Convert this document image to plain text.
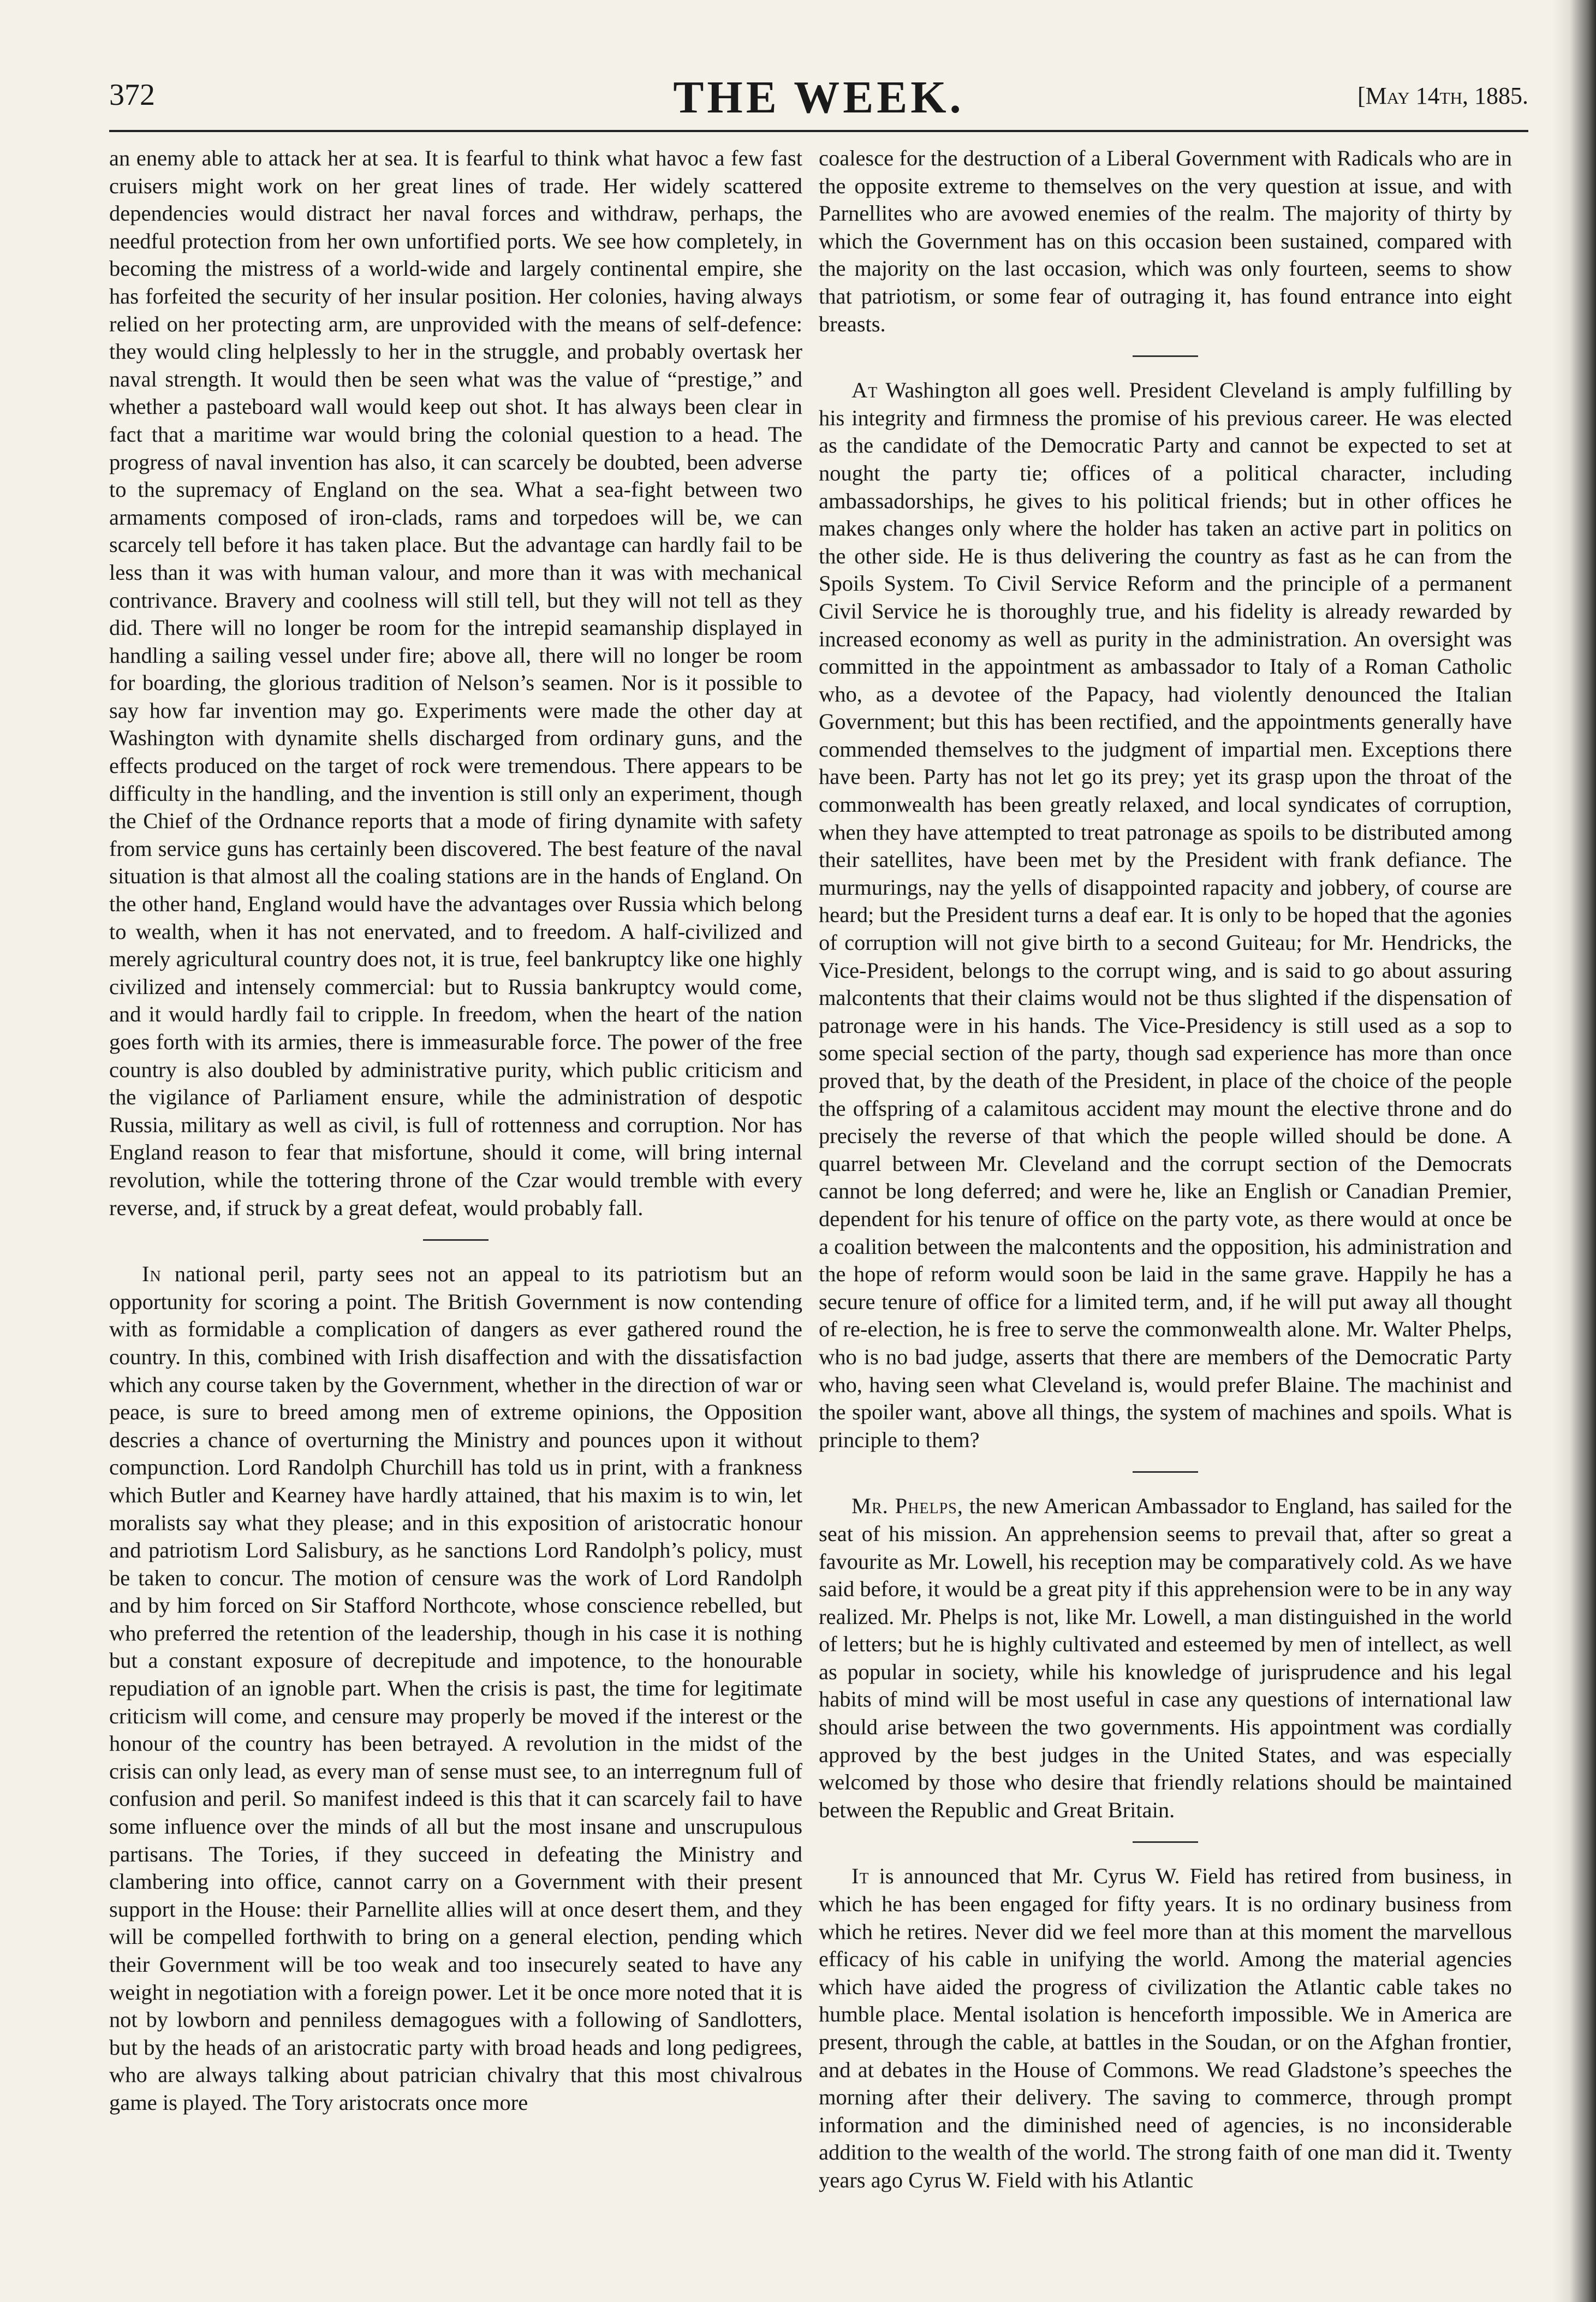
372	THE WEEK.	[May 14th, 1885.

an enemy able to attack her at sea. It is fearful to think what havoc a few fast cruisers might work on her great lines of trade. Her widely scattered dependencies would distract her naval forces and withdraw, perhaps, the needful protection from her own unfortified ports. We see how completely, in becoming the mistress of a world-wide and largely continental empire, she has forfeited the security of her insular position. Her colonies, having always relied on her protecting arm, are unprovided with the means of self-defence: they would cling helplessly to her in the struggle, and probably overtask her naval strength. It would then be seen what was the value of “prestige,” and whether a pasteboard wall would keep out shot. It has always been clear in fact that a maritime war would bring the colonial question to a head. The progress of naval invention has also, it can scarcely be doubted, been adverse to the supremacy of England on the sea. What a sea-fight between two armaments composed of iron-clads, rams and torpedoes will be, we can scarcely tell before it has taken place. But the advantage can hardly fail to be less than it was with human valour, and more than it was with mechanical contrivance. Bravery and coolness will still tell, but they will not tell as they did. There will no longer be room for the intrepid seamanship displayed in handling a sailing vessel under fire; above all, there will no longer be room for boarding, the glorious tradition of Nelson’s seamen. Nor is it possible to say how far invention may go. Experiments were made the other day at Washington with dynamite shells discharged from ordinary guns, and the effects produced on the target of rock were tremendous. There appears to be difficulty in the handling, and the invention is still only an experiment, though the Chief of the Ordnance reports that a mode of firing dynamite with safety from service guns has certainly been discovered. The best feature of the naval situation is that almost all the coaling stations are in the hands of England. On the other hand, England would have the advantages over Russia which belong to wealth, when it has not enervated, and to freedom. A half-civilized and merely agricultural country does not, it is true, feel bankruptcy like one highly civilized and intensely commercial: but to Russia bankruptcy would come, and it would hardly fail to cripple. In freedom, when the heart of the nation goes forth with its armies, there is immeasurable force. The power of the free country is also doubled by administrative purity, which public criticism and the vigilance of Parliament ensure, while the administration of despotic Russia, military as well as civil, is full of rottenness and corruption. Nor has England reason to fear that misfortune, should it come, will bring internal revolution, while the tottering throne of the Czar would tremble with every reverse, and, if struck by a great defeat, would probably fall.

In national peril, party sees not an appeal to its patriotism but an opportunity for scoring a point. The British Government is now contending with as formidable a complication of dangers as ever gathered round the country. In this, combined with Irish disaffection and with the dissatisfaction which any course taken by the Government, whether in the direction of war or peace, is sure to breed among men of extreme opinions, the Opposition descries a chance of overturning the Ministry and pounces upon it without compunction. Lord Randolph Churchill has told us in print, with a frankness which Butler and Kearney have hardly attained, that his maxim is to win, let moralists say what they please; and in this exposition of aristocratic honour and patriotism Lord Salisbury, as he sanctions Lord Randolph’s policy, must be taken to concur. The motion of censure was the work of Lord Randolph and by him forced on Sir Stafford Northcote, whose conscience rebelled, but who preferred the retention of the leadership, though in his case it is nothing but a constant exposure of decrepitude and impotence, to the honourable repudiation of an ignoble part. When the crisis is past, the time for legitimate criticism will come, and censure may properly be moved if the interest or the honour of the country has been betrayed. A revolution in the midst of the crisis can only lead, as every man of sense must see, to an interregnum full of confusion and peril. So manifest indeed is this that it can scarcely fail to have some influence over the minds of all but the most insane and unscrupulous partisans. The Tories, if they succeed in defeating the Ministry and clambering into office, cannot carry on a Government with their present support in the House: their Parnellite allies will at once desert them, and they will be compelled forthwith to bring on a general election, pending which their Government will be too weak and too insecurely seated to have any weight in negotiation with a foreign power. Let it be once more noted that it is not by lowborn and penniless demagogues with a following of Sandlotters, but by the heads of an aristocratic party with broad heads and long pedigrees, who are always talking about patrician chivalry that this most chivalrous game is played. The Tory aristocrats once more

coalesce for the destruction of a Liberal Government with Radicals who are in the opposite extreme to themselves on the very question at issue, and with Parnellites who are avowed enemies of the realm. The majority of thirty by which the Government has on this occasion been sustained, compared with the majority on the last occasion, which was only fourteen, seems to show that patriotism, or some fear of outraging it, has found entrance into eight breasts.

At Washington all goes well. President Cleveland is amply fulfilling by his integrity and firmness the promise of his previous career. He was elected as the candidate of the Democratic Party and cannot be expected to set at nought the party tie; offices of a political character, including ambassadorships, he gives to his political friends; but in other offices he makes changes only where the holder has taken an active part in politics on the other side. He is thus delivering the country as fast as he can from the Spoils System. To Civil Service Reform and the principle of a permanent Civil Service he is thoroughly true, and his fidelity is already rewarded by increased economy as well as purity in the administration. An oversight was committed in the appointment as ambassador to Italy of a Roman Catholic who, as a devotee of the Papacy, had violently denounced the Italian Government; but this has been rectified, and the appointments generally have commended themselves to the judgment of impartial men. Exceptions there have been. Party has not let go its prey; yet its grasp upon the throat of the commonwealth has been greatly relaxed, and local syndicates of corruption, when they have attempted to treat patronage as spoils to be distributed among their satellites, have been met by the President with frank defiance. The murmurings, nay the yells of disappointed rapacity and jobbery, of course are heard; but the President turns a deaf ear. It is only to be hoped that the agonies of corruption will not give birth to a second Guiteau; for Mr. Hendricks, the Vice-President, belongs to the corrupt wing, and is said to go about assuring malcontents that their claims would not be thus slighted if the dispensation of patronage were in his hands. The Vice-Presidency is still used as a sop to some special section of the party, though sad experience has more than once proved that, by the death of the President, in place of the choice of the people the offspring of a calamitous accident may mount the elective throne and do precisely the reverse of that which the people willed should be done. A quarrel between Mr. Cleveland and the corrupt section of the Democrats cannot be long deferred; and were he, like an English or Canadian Premier, dependent for his tenure of office on the party vote, as there would at once be a coalition between the malcontents and the opposition, his administration and the hope of reform would soon be laid in the same grave. Happily he has a secure tenure of office for a limited term, and, if he will put away all thought of re-election, he is free to serve the commonwealth alone. Mr. Walter Phelps, who is no bad judge, asserts that there are members of the Democratic Party who, having seen what Cleveland is, would prefer Blaine. The machinist and the spoiler want, above all things, the system of machines and spoils. What is principle to them?

Mr. Phelps, the new American Ambassador to England, has sailed for the seat of his mission. An apprehension seems to prevail that, after so great a favourite as Mr. Lowell, his reception may be comparatively cold. As we have said before, it would be a great pity if this apprehension were to be in any way realized. Mr. Phelps is not, like Mr. Lowell, a man distinguished in the world of letters; but he is highly cultivated and esteemed by men of intellect, as well as popular in society, while his knowledge of jurisprudence and his legal habits of mind will be most useful in case any questions of international law should arise between the two governments. His appointment was cordially approved by the best judges in the United States, and was especially welcomed by those who desire that friendly relations should be maintained between the Republic and Great Britain.

It is announced that Mr. Cyrus W. Field has retired from business, in which he has been engaged for fifty years. It is no ordinary business from which he retires. Never did we feel more than at this moment the marvellous efficacy of his cable in unifying the world. Among the material agencies which have aided the progress of civilization the Atlantic cable takes no humble place. Mental isolation is henceforth impossible. We in America are present, through the cable, at battles in the Soudan, or on the Afghan frontier, and at debates in the House of Commons. We read Gladstone’s speeches the morning after their delivery. The saving to commerce, through prompt information and the diminished need of agencies, is no inconsiderable addition to the wealth of the world. The strong faith of one man did it. Twenty years ago Cyrus W. Field with his Atlantic
